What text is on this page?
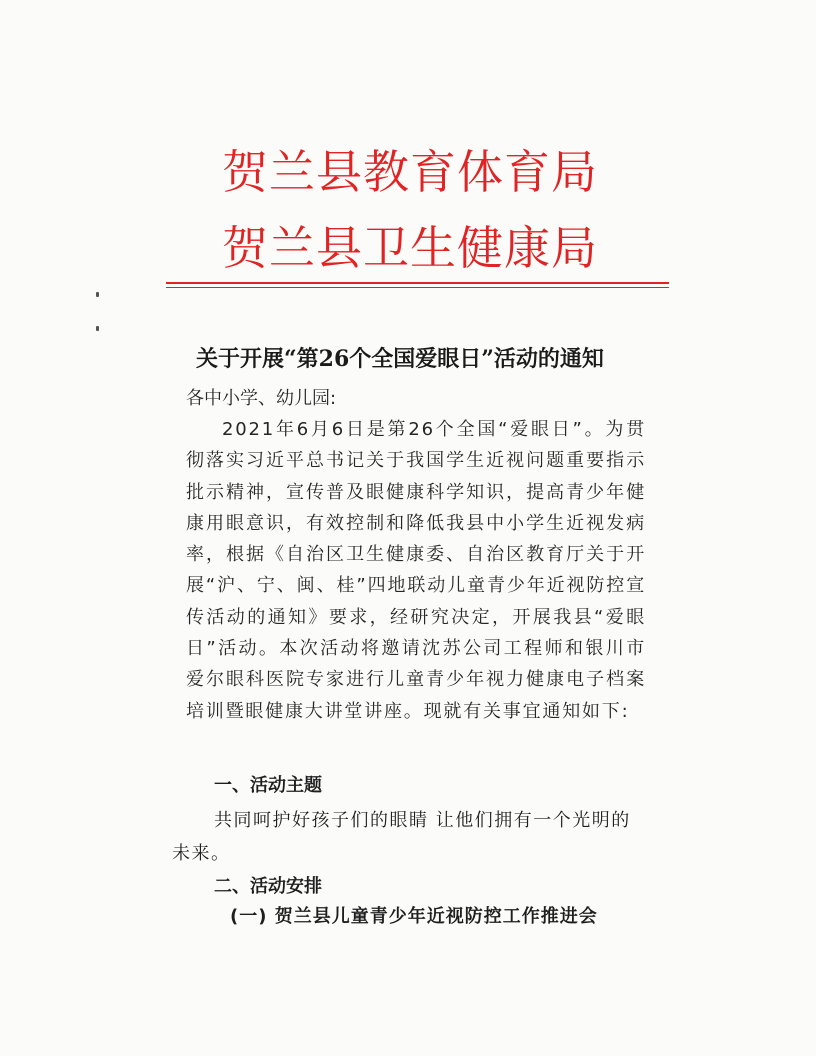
贺兰县教育体育局
贺兰县卫生健康局
关于开展“第26个全国爱眼日”活动的通知

各中小学、幼儿园:

2021年6月6日是第26个全国“爱眼日”。为贯彻落实习近平总书记关于我国学生近视问题重要指示批示精神，宣传普及眼健康科学知识，提高青少年健康用眼意识，有效控制和降低我县中小学生近视发病率，根据《自治区卫生健康委、自治区教育厅关于开展“沪、宁、闽、桂”四地联动儿童青少年近视防控宣传活动的通知》要求，经研究决定，开展我县“爱眼日”活动。本次活动将邀请沈苏公司工程师和银川市爱尔眼科医院专家进行儿童青少年视力健康电子档案培训暨眼健康大讲堂讲座。现就有关事宜通知如下:

一、活动主题
共同呵护好孩子们的眼睛 让他们拥有一个光明的未来。
二、活动安排
(一) 贺兰县儿童青少年近视防控工作推进会
